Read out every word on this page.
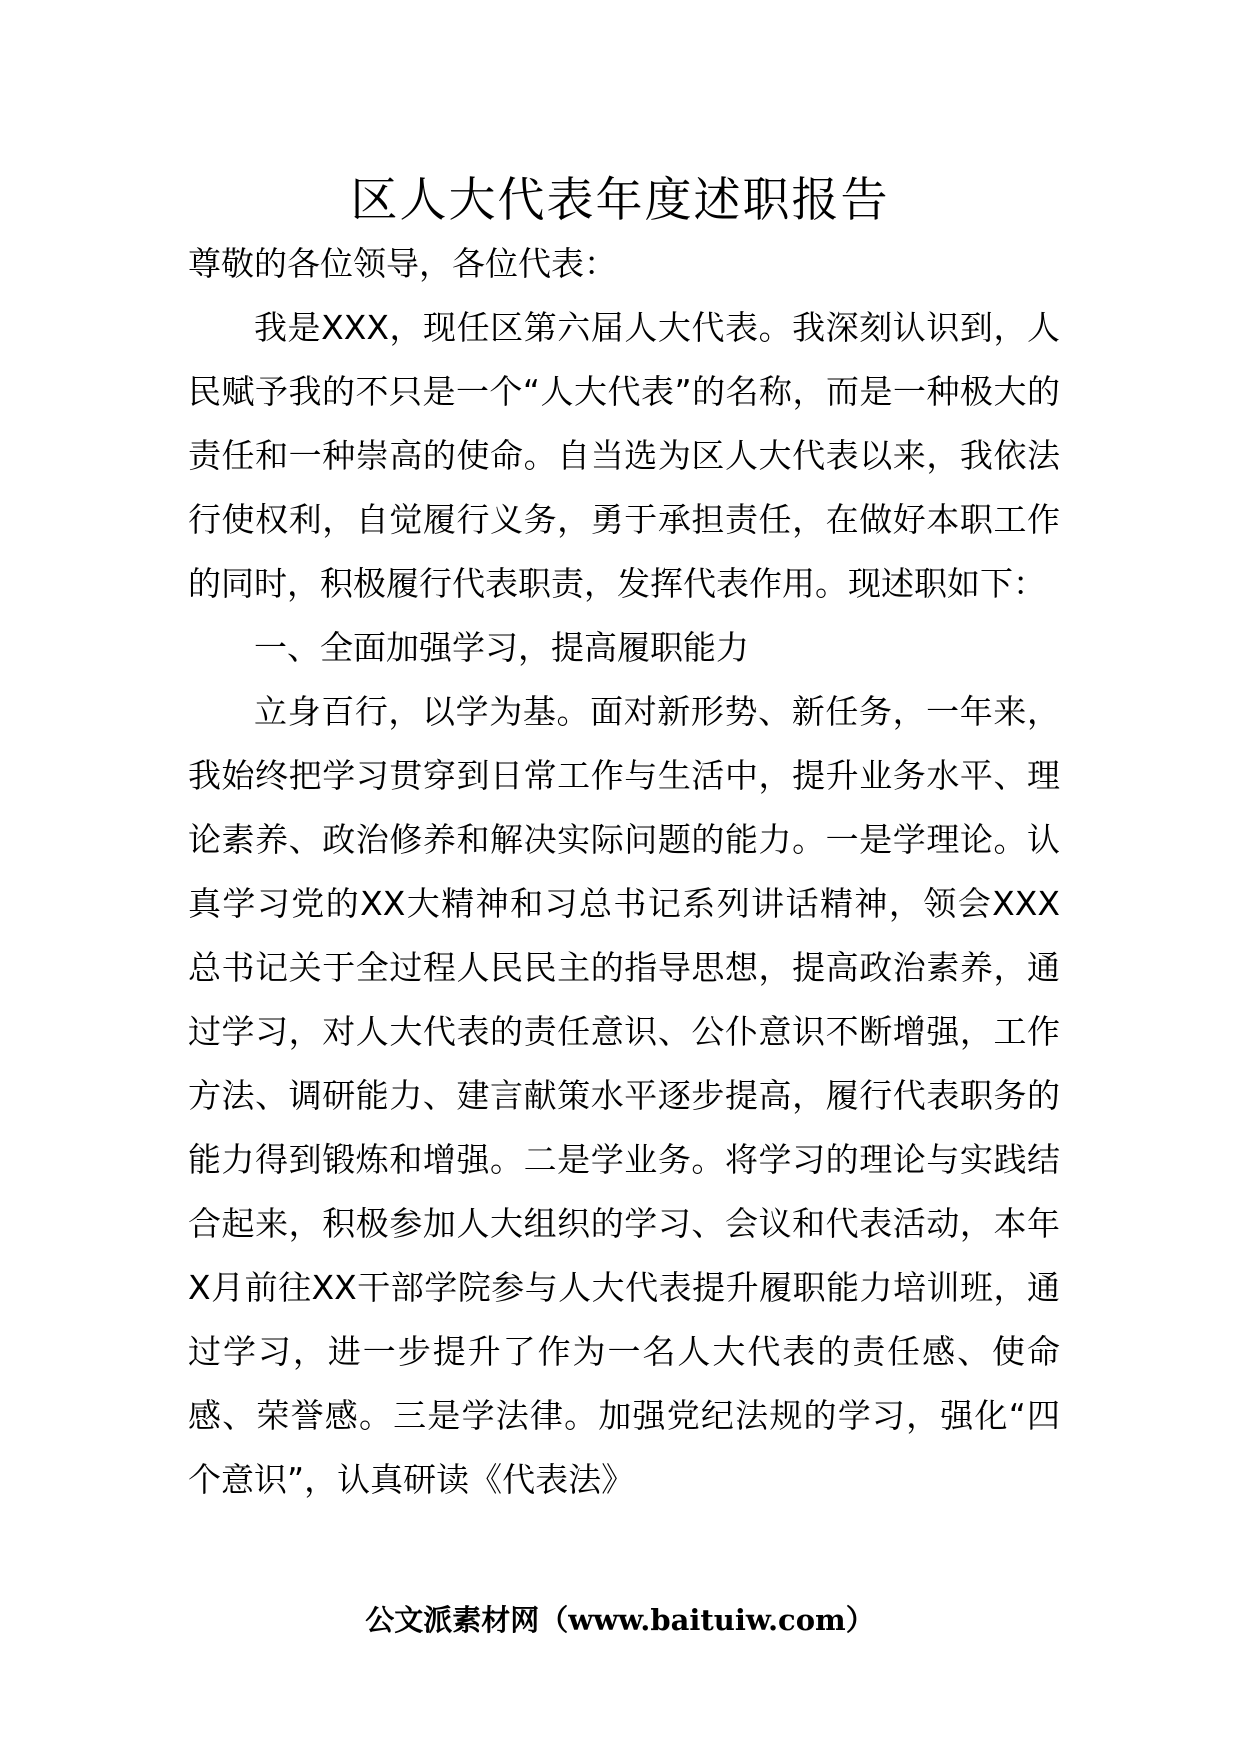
区人大代表年度述职报告

尊敬的各位领导，各位代表：

我是XXX，现任区第六届人大代表。我深刻认识到，人民赋予我的不只是一个“人大代表”的名称，而是一种极大的责任和一种崇高的使命。自当选为区人大代表以来，我依法行使权利，自觉履行义务，勇于承担责任，在做好本职工作的同时，积极履行代表职责，发挥代表作用。现述职如下：

一、全面加强学习，提高履职能力

立身百行，以学为基。面对新形势、新任务，一年来，我始终把学习贯穿到日常工作与生活中，提升业务水平、理论素养、政治修养和解决实际问题的能力。一是学理论。认真学习党的XX大精神和习总书记系列讲话精神，领会XXX总书记关于全过程人民民主的指导思想，提高政治素养，通过学习，对人大代表的责任意识、公仆意识不断增强，工作方法、调研能力、建言献策水平逐步提高，履行代表职务的能力得到锻炼和增强。二是学业务。将学习的理论与实践结合起来，积极参加人大组织的学习、会议和代表活动，本年X月前往XX干部学院参与人大代表提升履职能力培训班，通过学习，进一步提升了作为一名人大代表的责任感、使命感、荣誉感。三是学法律。加强党纪法规的学习，强化“四个意识”，认真研读《代表法》

公文派素材网（www.baituiw.com）
